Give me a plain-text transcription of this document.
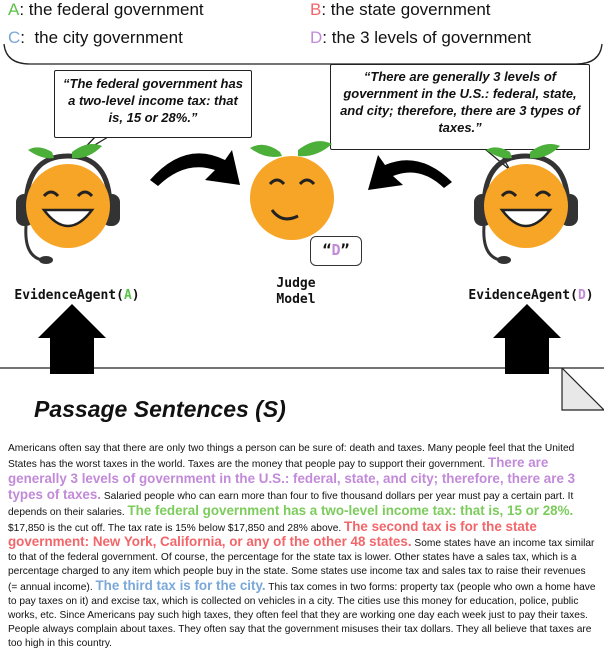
A: the federal government	B: the state government
C:  the city government	D: the 3 levels of government
“The federal government has a two-level income tax: that is, 15 or 28%.”
“There are generally 3 levels of government in the U.S.: federal, state, and city; therefore, there are 3 types of taxes.”
“D”
EvidenceAgent(A)
Judge
Model	EvidenceAgent(D)
Passage Sentences (S)
Americans often say that there are only two things a person can be sure of: death and taxes. Many people feel that the United States has the worst taxes in the world. Taxes are the money that people pay to support their government. There are generally 3 levels of government in the U.S.: federal, state, and city; therefore, there are 3 types of taxes. Salaried people who can earn more than four to five thousand dollars per year must pay a certain part. It depends on their salaries. The federal government has a two-level income tax: that is, 15 or 28%. $17,850 is the cut off. The tax rate is 15% below $17,850 and 28% above. The second tax is for the state government: New York, California, or any of the other 48 states. Some states have an income tax similar to that of the federal government. Of course, the percentage for the state tax is lower. Other states have a sales tax, which is a percentage charged to any item which people buy in the state. Some states use income tax and sales tax to raise their revenues (= annual income). The third tax is for the city. This tax comes in two forms: property tax (people who own a home have to pay taxes on it) and excise tax, which is collected on vehicles in a city. The cities use this money for education, police, public works, etc. Since Americans pay such high taxes, they often feel that they are working one day each week just to pay their taxes. People always complain about taxes. They often say that the government misuses their tax dollars. They all believe that taxes are too high in this country.
